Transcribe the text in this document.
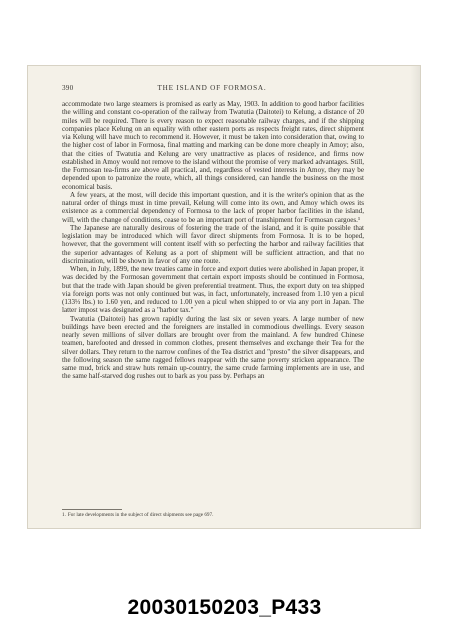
390	THE ISLAND OF FORMOSA.

accommodate two large steamers is promised as early as May, 1903. In addition to good harbor facilities the willing and constant co-operation of the railway from Twatutia (Daitotei) to Kelung, a distance of 20 miles will be required. There is every reason to expect reasonable railway charges, and if the shipping companies place Kelung on an equality with other eastern ports as respects freight rates, direct shipment via Kelung will have much to recommend it. However, it must be taken into consideration that, owing to the higher cost of labor in Formosa, final matting and marking can be done more cheaply in Amoy; also, that the cities of Twatutia and Kelung are very unattractive as places of residence, and firms now established in Amoy would not remove to the island without the promise of very marked advantages. Still, the Formosan tea-firms are above all practical, and, regardless of vested interests in Amoy, they may be depended upon to patronize the route, which, all things considered, can handle the business on the most economical basis.

A few years, at the most, will decide this important question, and it is the writer's opinion that as the natural order of things must in time prevail, Kelung will come into its own, and Amoy which owes its existence as a commercial dependency of Formosa to the lack of proper harbor facilities in the island, will, with the change of conditions, cease to be an important port of transhipment for Formosan cargoes.¹

The Japanese are naturally desirous of fostering the trade of the island, and it is quite possible that legislation may be introduced which will favor direct shipments from Formosa. It is to be hoped, however, that the government will content itself with so perfecting the harbor and railway facilities that the superior advantages of Kelung as a port of shipment will be sufficient attraction, and that no discrimination, will be shown in favor of any one route.

When, in July, 1899, the new treaties came in force and export duties were abolished in Japan proper, it was decided by the Formosan government that certain export imposts should be continued in Formosa, but that the trade with Japan should be given preferential treatment. Thus, the export duty on tea shipped via foreign ports was not only continued but was, in fact, unfortunately, increased from 1.10 yen a picul (133⅓ lbs.) to 1.60 yen, and reduced to 1.00 yen a picul when shipped to or via any port in Japan. The latter impost was designated as a "harbor tax."

Twatutia (Daitotei) has grown rapidly during the last six or seven years. A large number of new buildings have been erected and the foreigners are installed in commodious dwellings. Every season nearly seven millions of silver dollars are brought over from the mainland. A few hundred Chinese teamen, barefooted and dressed in common clothes, present themselves and exchange their Tea for the silver dollars. They return to the narrow confines of the Tea district and "presto" the silver disappears, and the following season the same ragged fellows reappear with the same poverty stricken appearance. The same mud, brick and straw huts remain up-country, the same crude farming implements are in use, and the same half-starved dog rushes out to bark as you pass by. Perhaps an

1. For late developments in the subject of direct shipments see page 697.
20030150203_P433
